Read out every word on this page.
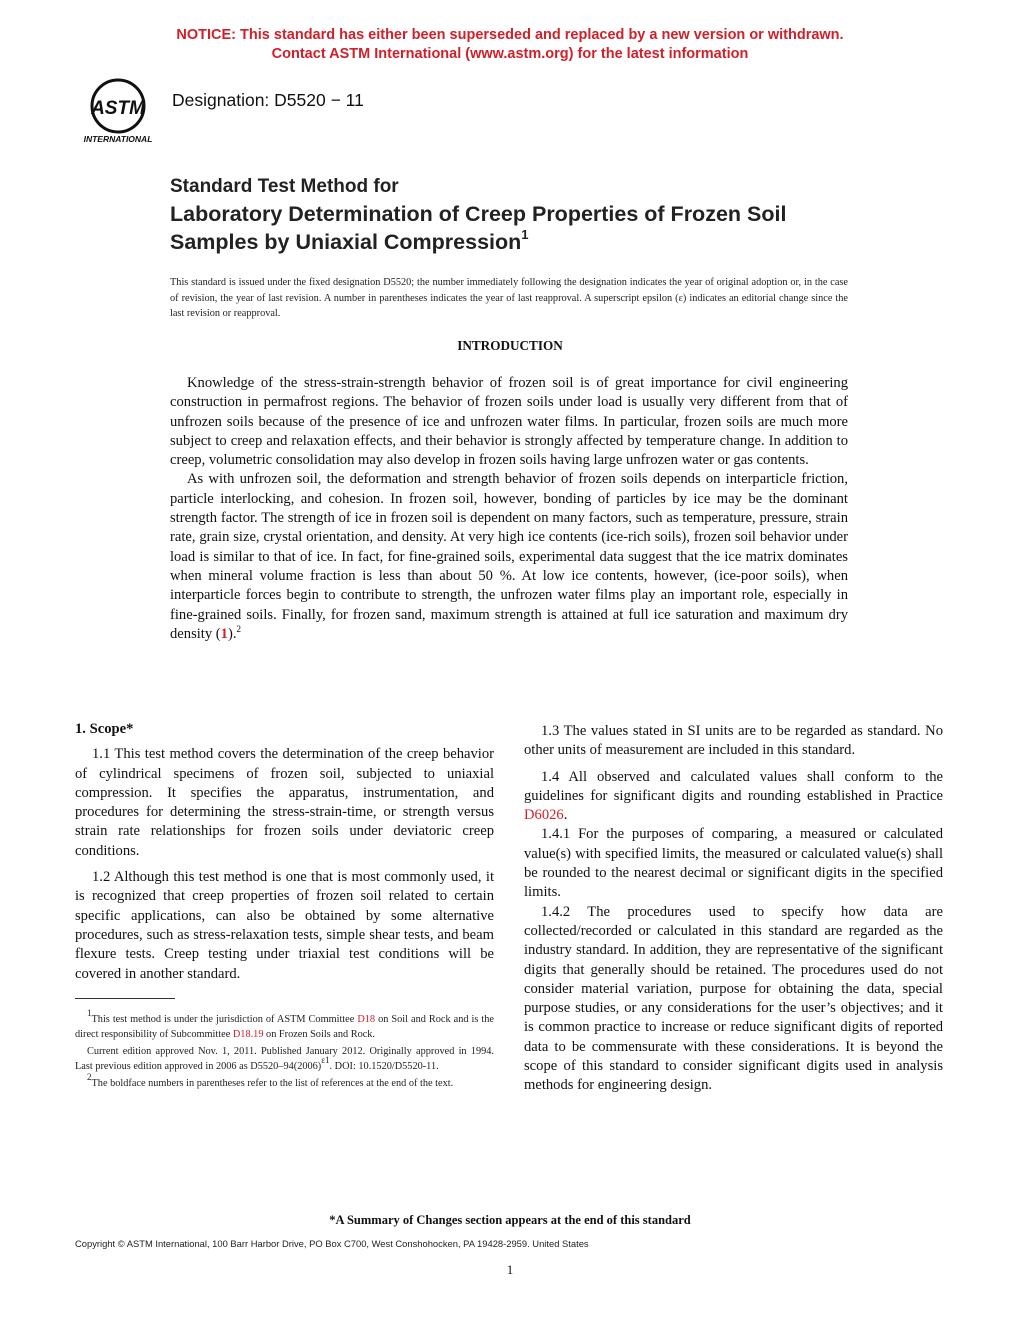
NOTICE: This standard has either been superseded and replaced by a new version or withdrawn.
Contact ASTM International (www.astm.org) for the latest information
ASTM
INTERNATIONAL
Designation: D5520 − 11
Standard Test Method for
Laboratory Determination of Creep Properties of Frozen Soil
Samples by Uniaxial Compression$^1$
This standard is issued under the fixed designation D5520; the number immediately following the designation indicates the year of original adoption or, in the case of revision, the year of last revision. A number in parentheses indicates the year of last reapproval. A superscript epsilon (ε) indicates an editorial change since the last revision or reapproval.
INTRODUCTION

Knowledge of the stress-strain-strength behavior of frozen soil is of great importance for civil engineering construction in permafrost regions. The behavior of frozen soils under load is usually very different from that of unfrozen soils because of the presence of ice and unfrozen water films. In particular, frozen soils are much more subject to creep and relaxation effects, and their behavior is strongly affected by temperature change. In addition to creep, volumetric consolidation may also develop in frozen soils having large unfrozen water or gas contents.

As with unfrozen soil, the deformation and strength behavior of frozen soils depends on interparticle friction, particle interlocking, and cohesion. In frozen soil, however, bonding of particles by ice may be the dominant strength factor. The strength of ice in frozen soil is dependent on many factors, such as temperature, pressure, strain rate, grain size, crystal orientation, and density. At very high ice contents (ice-rich soils), frozen soil behavior under load is similar to that of ice. In fact, for fine-grained soils, experimental data suggest that the ice matrix dominates when mineral volume fraction is less than about 50 %. At low ice contents, however, (ice-poor soils), when interparticle forces begin to contribute to strength, the unfrozen water films play an important role, especially in fine-grained soils. Finally, for frozen sand, maximum strength is attained at full ice saturation and maximum dry density (1).$^2$

1. Scope*

1.1 This test method covers the determination of the creep behavior of cylindrical specimens of frozen soil, subjected to uniaxial compression. It specifies the apparatus, instrumentation, and procedures for determining the stress-strain-time, or strength versus strain rate relationships for frozen soils under deviatoric creep conditions.

1.2 Although this test method is one that is most commonly used, it is recognized that creep properties of frozen soil related to certain specific applications, can also be obtained by some alternative procedures, such as stress-relaxation tests, simple shear tests, and beam flexure tests. Creep testing under triaxial test conditions will be covered in another standard.

1.3 The values stated in SI units are to be regarded as standard. No other units of measurement are included in this standard.

1.4 All observed and calculated values shall conform to the guidelines for significant digits and rounding established in Practice D6026.

1.4.1 For the purposes of comparing, a measured or calculated value(s) with specified limits, the measured or calculated value(s) shall be rounded to the nearest decimal or significant digits in the specified limits.

1.4.2 The procedures used to specify how data are collected/recorded or calculated in this standard are regarded as the industry standard. In addition, they are representative of the significant digits that generally should be retained. The procedures used do not consider material variation, purpose for obtaining the data, special purpose studies, or any considerations for the user’s objectives; and it is common practice to increase or reduce significant digits of reported data to be commensurate with these considerations. It is beyond the scope of this standard to consider significant digits used in analysis methods for engineering design.

1This test method is under the jurisdiction of ASTM Committee D18 on Soil and Rock and is the direct responsibility of Subcommittee D18.19 on Frozen Soils and Rock.

Current edition approved Nov. 1, 2011. Published January 2012. Originally approved in 1994. Last previous edition approved in 2006 as D5520–94(2006)ε1. DOI: 10.1520/D5520-11.

2The boldface numbers in parentheses refer to the list of references at the end of the text.

*A Summary of Changes section appears at the end of this standard
Copyright © ASTM International, 100 Barr Harbor Drive, PO Box C700, West Conshohocken, PA 19428-2959. United States
1
